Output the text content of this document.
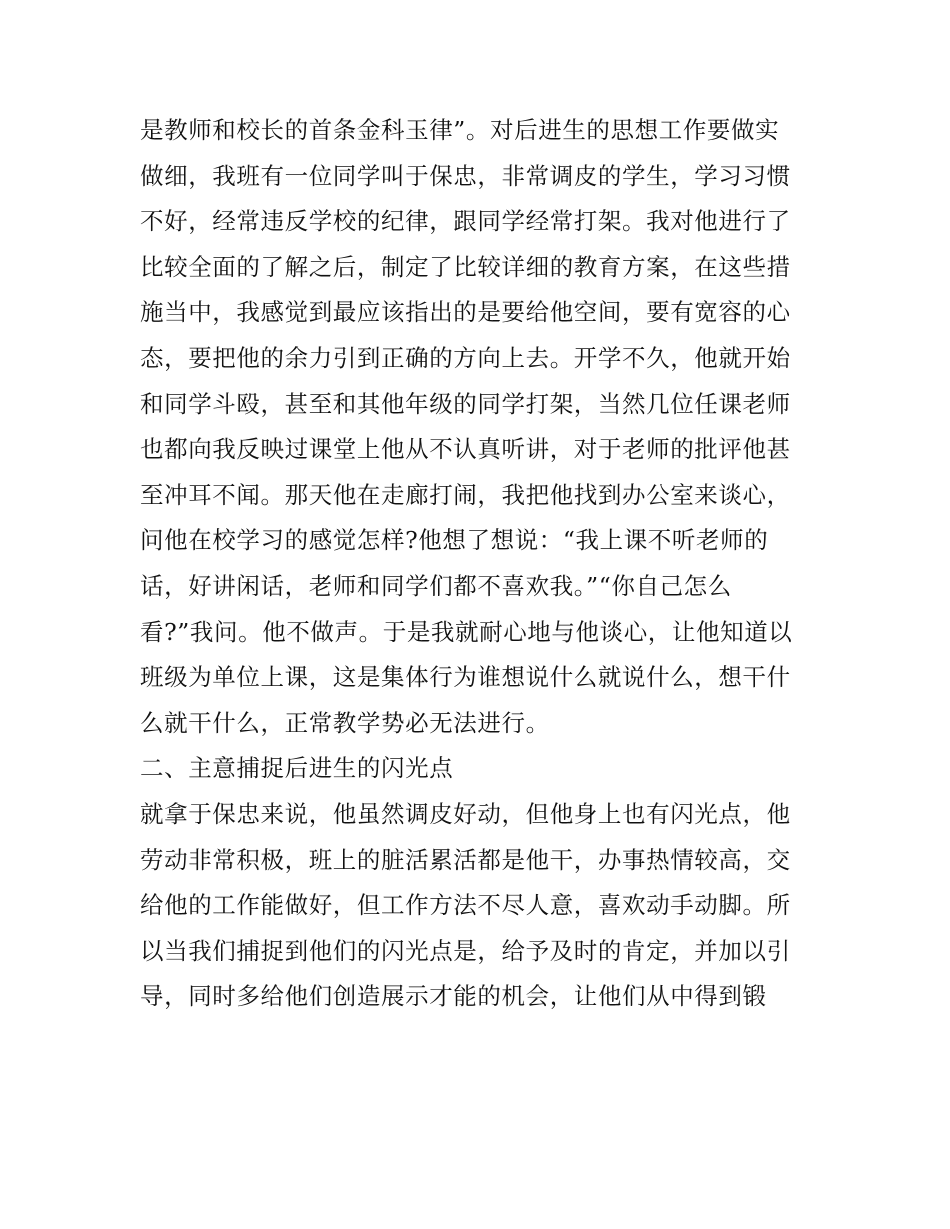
是教师和校长的首条金科玉律”。对后进生的思想工作要做实
做细，我班有一位同学叫于保忠，非常调皮的学生，学习习惯
不好，经常违反学校的纪律，跟同学经常打架。我对他进行了
比较全面的了解之后，制定了比较详细的教育方案，在这些措
施当中，我感觉到最应该指出的是要给他空间，要有宽容的心
态，要把他的余力引到正确的方向上去。开学不久，他就开始
和同学斗殴，甚至和其他年级的同学打架，当然几位任课老师
也都向我反映过课堂上他从不认真听讲，对于老师的批评他甚
至冲耳不闻。那天他在走廊打闹，我把他找到办公室来谈心，
问他在校学习的感觉怎样?他想了想说：“我上课不听老师的
话，好讲闲话，老师和同学们都不喜欢我。”“你自己怎么
看?”我问。他不做声。于是我就耐心地与他谈心，让他知道以
班级为单位上课，这是集体行为谁想说什么就说什么，想干什
么就干什么，正常教学势必无法进行。
二、主意捕捉后进生的闪光点
就拿于保忠来说，他虽然调皮好动，但他身上也有闪光点，他
劳动非常积极，班上的脏活累活都是他干，办事热情较高，交
给他的工作能做好，但工作方法不尽人意，喜欢动手动脚。所
以当我们捕捉到他们的闪光点是，给予及时的肯定，并加以引
导，同时多给他们创造展示才能的机会，让他们从中得到锻
